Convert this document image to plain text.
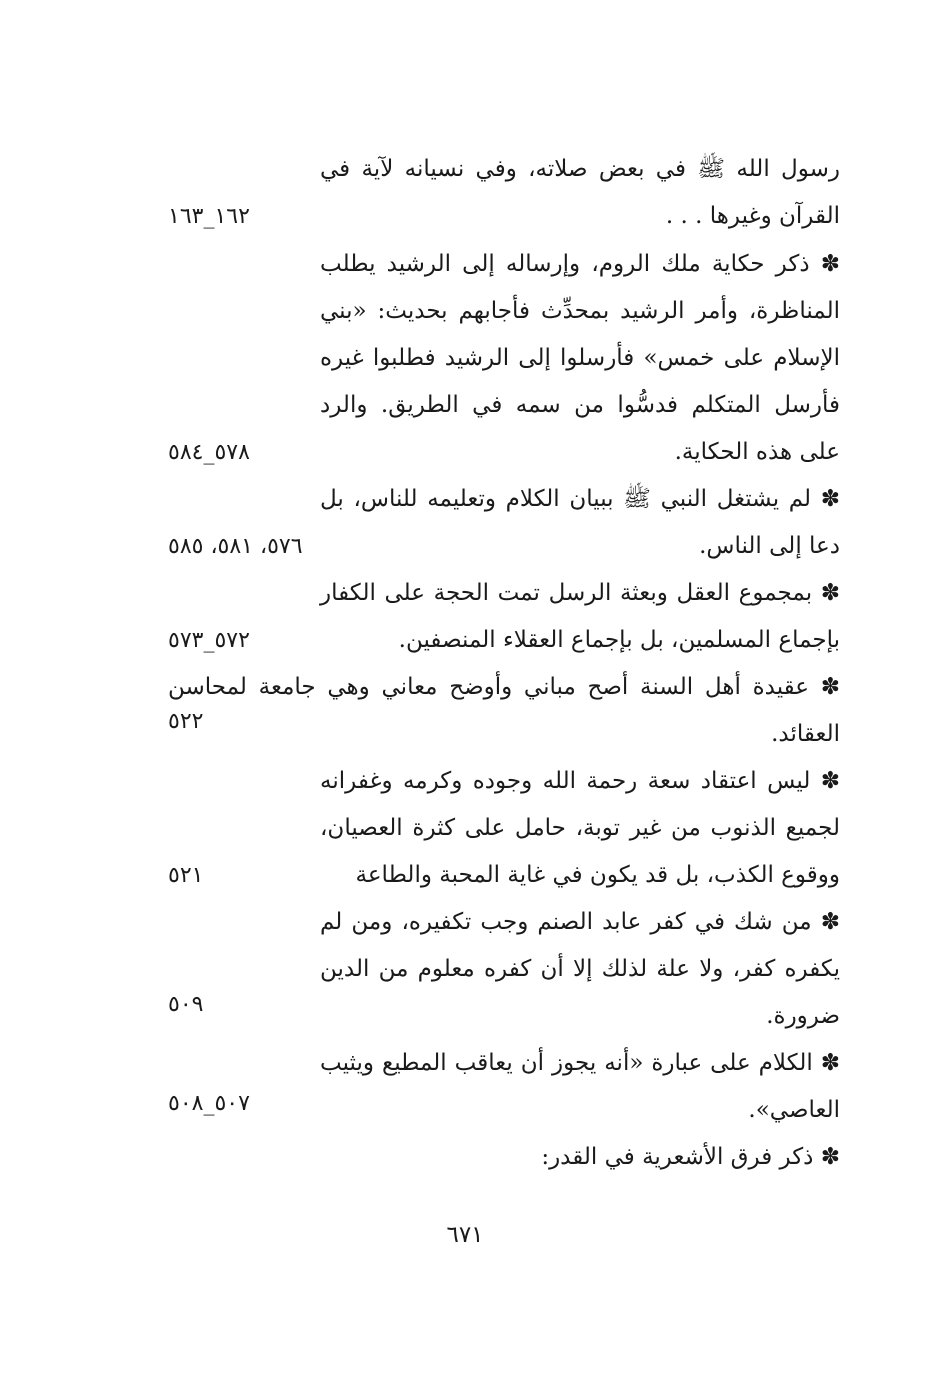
رسول الله ﷺ في بعض صلاته، وفي نسيانه لآية في القرآن وغيرها . . .

١٦٢_١٦٣

✽ ذكر حكاية ملك الروم، وإرساله إلى الرشيد يطلب المناظرة، وأمر الرشيد بمحدِّث فأجابهم بحديث: «بني الإسلام على خمس» فأرسلوا إلى الرشيد فطلبوا غيره فأرسل المتكلم فدسُّوا من سمه في الطريق. والرد على هذه الحكاية.

٥٧٨_٥٨٤

✽ لم يشتغل النبي ﷺ ببيان الكلام وتعليمه للناس، بل دعا إلى الناس.

٥٧٦، ٥٨١، ٥٨٥

✽ بمجموع العقل وبعثة الرسل تمت الحجة على الكفار بإجماع المسلمين، بل بإجماع العقلاء المنصفين.

٥٧٢_٥٧٣

✽ عقيدة أهل السنة أصح مباني وأوضح معاني وهي جامعة لمحاسن العقائد.

٥٢٢

✽ ليس اعتقاد سعة رحمة الله وجوده وكرمه وغفرانه لجميع الذنوب من غير توبة، حامل على كثرة العصيان، ووقوع الكذب، بل قد يكون في غاية المحبة والطاعة

٥٢١

✽ من شك في كفر عابد الصنم وجب تكفيره، ومن لم يكفره كفر، ولا علة لذلك إلا أن كفره معلوم من الدين ضرورة.

٥٠٩

✽ الكلام على عبارة «أنه يجوز أن يعاقب المطيع ويثيب العاصي».

٥٠٧_٥٠٨

✽ ذكر فرق الأشعرية في القدر:

٦٧١
